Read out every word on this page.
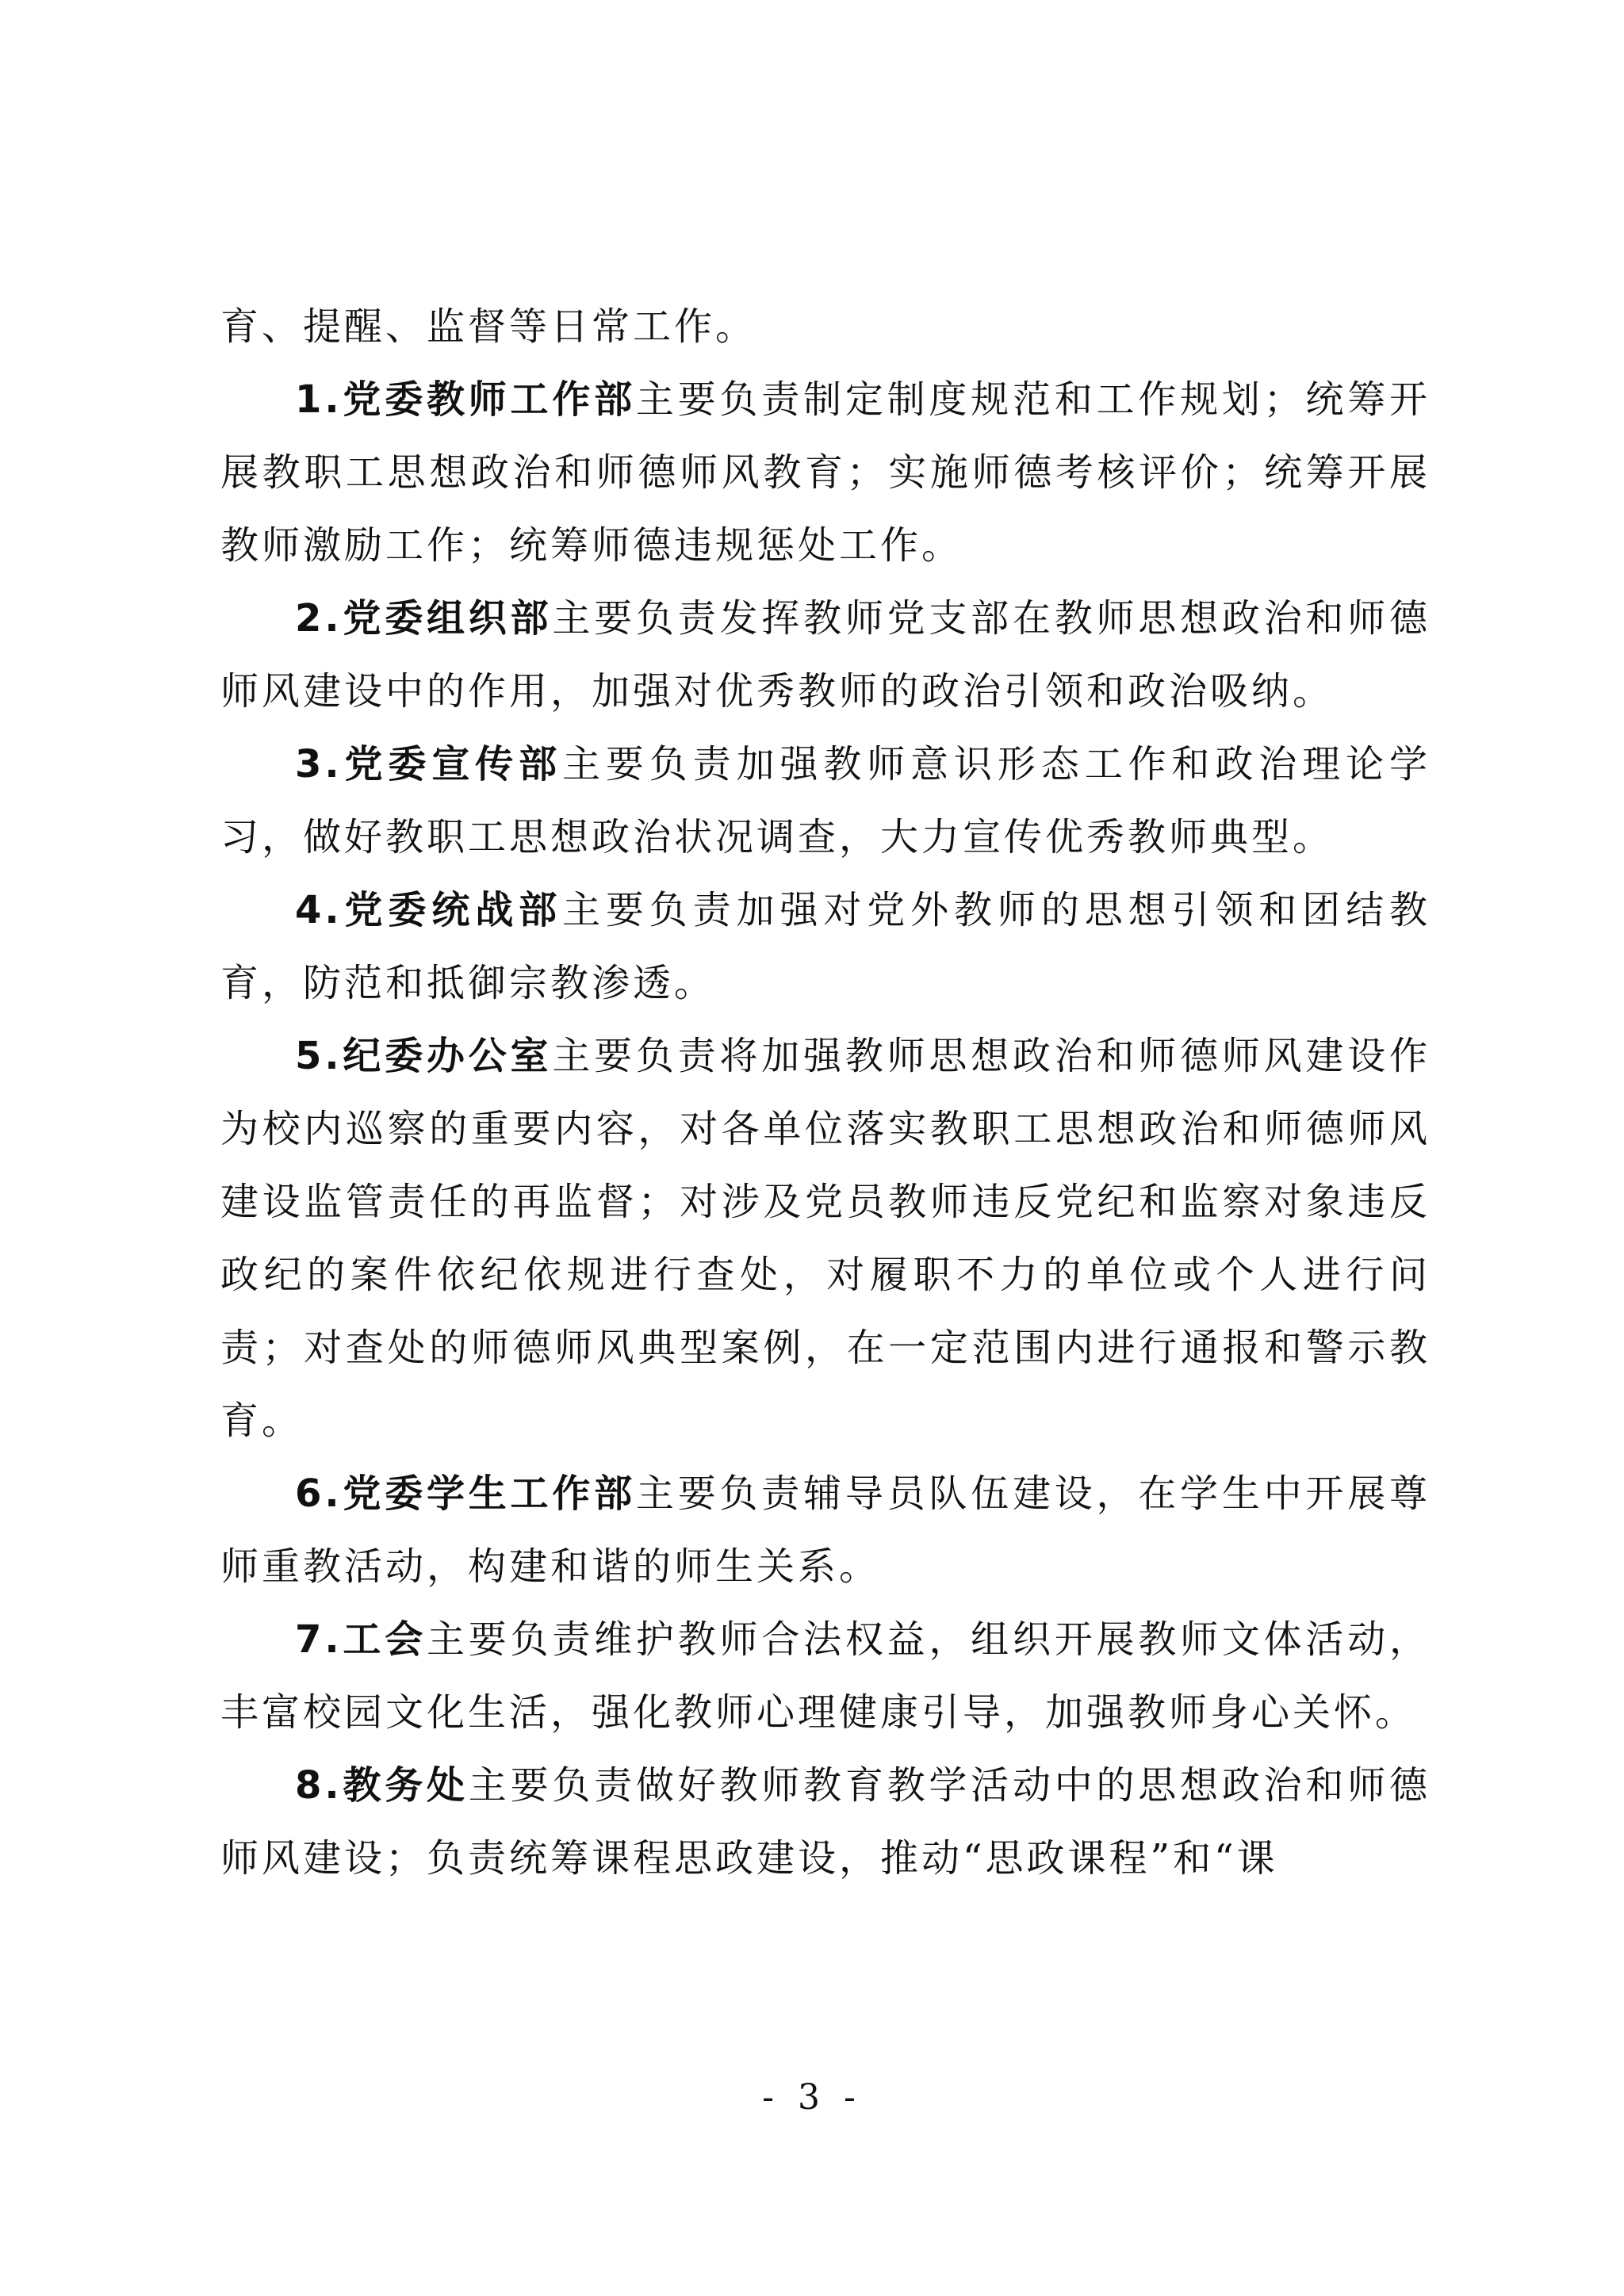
育、提醒、监督等日常工作。

1.党委教师工作部主要负责制定制度规范和工作规划；统筹开展教职工思想政治和师德师风教育；实施师德考核评价；统筹开展教师激励工作；统筹师德违规惩处工作。

2.党委组织部主要负责发挥教师党支部在教师思想政治和师德师风建设中的作用，加强对优秀教师的政治引领和政治吸纳。

3.党委宣传部主要负责加强教师意识形态工作和政治理论学习，做好教职工思想政治状况调查，大力宣传优秀教师典型。

4.党委统战部主要负责加强对党外教师的思想引领和团结教育，防范和抵御宗教渗透。

5.纪委办公室主要负责将加强教师思想政治和师德师风建设作为校内巡察的重要内容，对各单位落实教职工思想政治和师德师风建设监管责任的再监督；对涉及党员教师违反党纪和监察对象违反政纪的案件依纪依规进行查处，对履职不力的单位或个人进行问责；对查处的师德师风典型案例，在一定范围内进行通报和警示教育。

6.党委学生工作部主要负责辅导员队伍建设，在学生中开展尊师重教活动，构建和谐的师生关系。

7.工会主要负责维护教师合法权益，组织开展教师文体活动，丰富校园文化生活，强化教师心理健康引导，加强教师身心关怀。

8.教务处主要负责做好教师教育教学活动中的思想政治和师德师风建设；负责统筹课程思政建设，推动“思政课程”和“课

- 3 -
